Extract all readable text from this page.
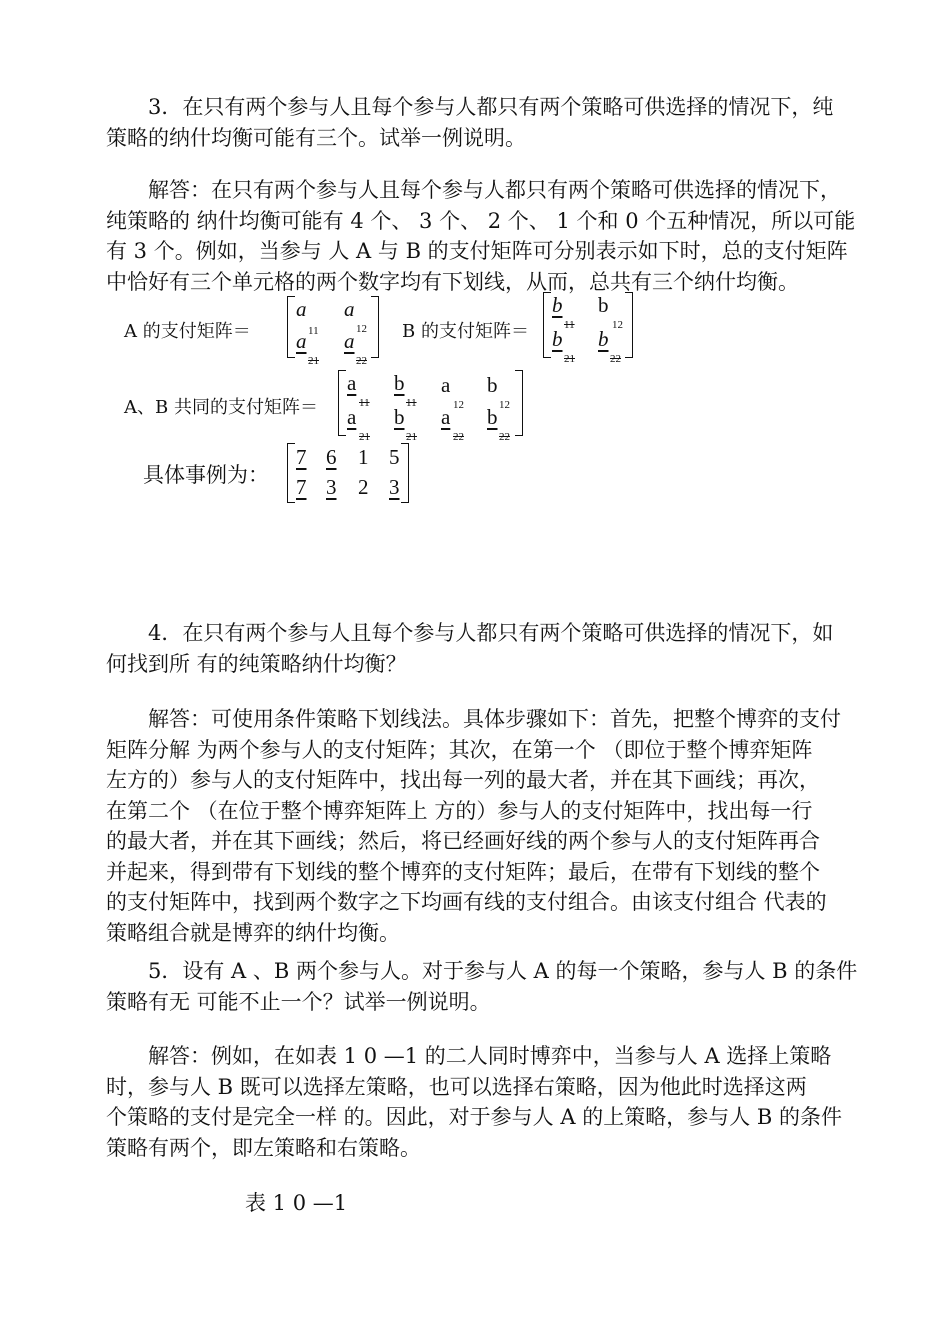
3．在只有两个参与人且每个参与人都只有两个策略可供选择的情况下，纯
策略的纳什均衡可能有三个。试举一例说明。
解答：在只有两个参与人且每个参与人都只有两个策略可供选择的情况下，
纯策略的 纳什均衡可能有 4 个、 3 个、 2 个、 1 个和 0 个五种情况，所以可能
有 3 个。例如，当参与 人 A 与 B 的支付矩阵可分别表示如下时，总的支付矩阵
中恰好有三个单元格的两个数字均有下划线，从而，总共有三个纳什均衡。
A 的支付矩阵＝
a
11
a
12
a
21
a
22
B 的支付矩阵＝
b
11
b
12
b
21
b
22
A、B 共同的支付矩阵＝
a
11
b
11
a
12
b
12
a
21
b
21
a
22
b
22
具体事例为：
7 6 1 5
7 3 2 3
4．在只有两个参与人且每个参与人都只有两个策略可供选择的情况下，如
何找到所 有的纯策略纳什均衡？
解答：可使用条件策略下划线法。具体步骤如下：首先，把整个博弈的支付
矩阵分解 为两个参与人的支付矩阵；其次，在第一个 （即位于整个博弈矩阵
左方的）参与人的支付矩阵中，找出每一列的最大者，并在其下画线；再次，
在第二个 （在位于整个博弈矩阵上 方的）参与人的支付矩阵中，找出每一行
的最大者，并在其下画线；然后，将已经画好线的两个参与人的支付矩阵再合
并起来，得到带有下划线的整个博弈的支付矩阵；最后，在带有下划线的整个
的支付矩阵中，找到两个数字之下均画有线的支付组合。由该支付组合 代表的
策略组合就是博弈的纳什均衡。
5．设有 A 、B 两个参与人。对于参与人 A 的每一个策略，参与人 B 的条件
策略有无 可能不止一个？试举一例说明。
解答：例如，在如表 1 0 —1 的二人同时博弈中，当参与人 A 选择上策略
时，参与人 B 既可以选择左策略，也可以选择右策略，因为他此时选择这两
个策略的支付是完全一样 的。因此，对于参与人 A 的上策略，参与人 B 的条件
策略有两个，即左策略和右策略。
表 1 0 —1
